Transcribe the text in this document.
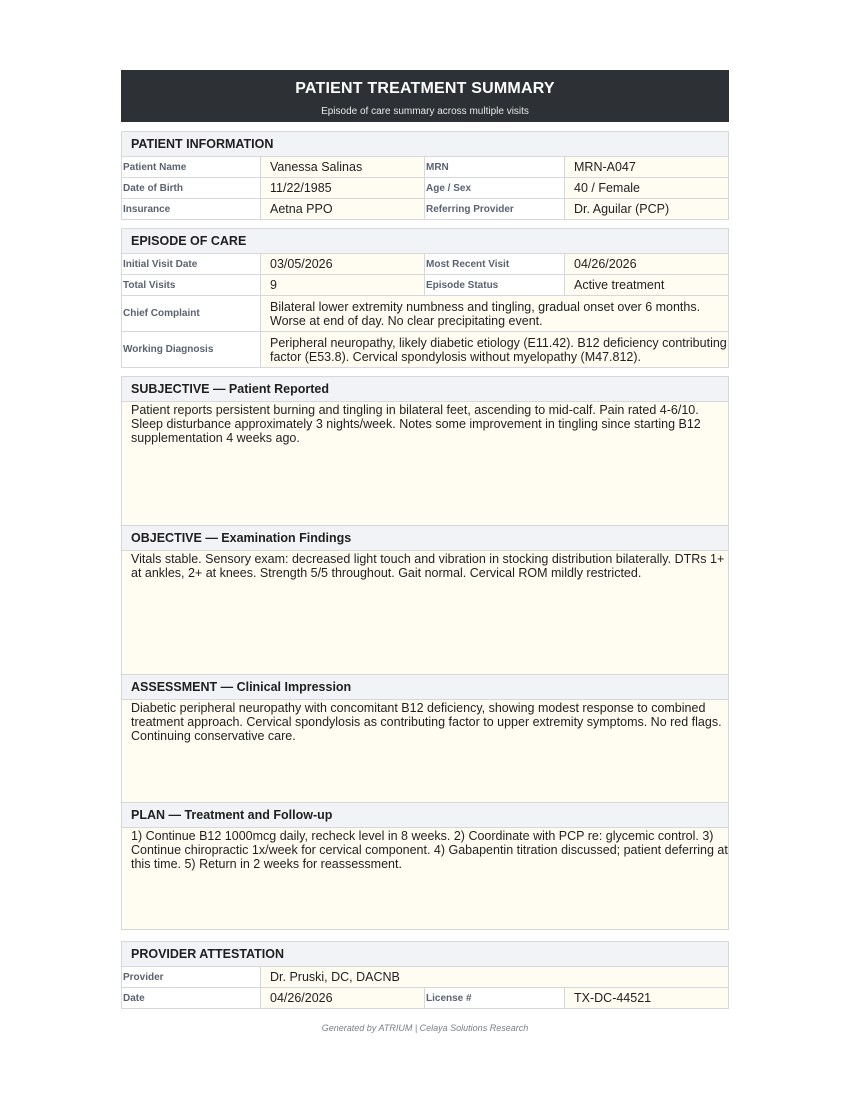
PATIENT TREATMENT SUMMARY
Episode of care summary across multiple visits
PATIENT INFORMATION
Patient Name	Vanessa Salinas	MRN	MRN-A047
Date of Birth	11/22/1985	Age / Sex	40 / Female
Insurance	Aetna PPO	Referring Provider	Dr. Aguilar (PCP)
EPISODE OF CARE
Initial Visit Date	03/05/2026	Most Recent Visit	04/26/2026
Total Visits	9	Episode Status	Active treatment
Chief Complaint	Bilateral lower extremity numbness and tingling, gradual onset over 6 months. Worse at end of day. No clear precipitating event.
Working Diagnosis	Peripheral neuropathy, likely diabetic etiology (E11.42). B12 deficiency contributing factor (E53.8). Cervical spondylosis without myelopathy (M47.812).
SUBJECTIVE — Patient Reported
Patient reports persistent burning and tingling in bilateral feet, ascending to mid-calf. Pain rated 4-6/10. Sleep disturbance approximately 3 nights/week. Notes some improvement in tingling since starting B12 supplementation 4 weeks ago.
OBJECTIVE — Examination Findings
Vitals stable. Sensory exam: decreased light touch and vibration in stocking distribution bilaterally. DTRs 1+ at ankles, 2+ at knees. Strength 5/5 throughout. Gait normal. Cervical ROM mildly restricted.
ASSESSMENT — Clinical Impression
Diabetic peripheral neuropathy with concomitant B12 deficiency, showing modest response to combined treatment approach. Cervical spondylosis as contributing factor to upper extremity symptoms. No red flags. Continuing conservative care.
PLAN — Treatment and Follow-up
1) Continue B12 1000mcg daily, recheck level in 8 weeks. 2) Coordinate with PCP re: glycemic control. 3) Continue chiropractic 1x/week for cervical component. 4) Gabapentin titration discussed; patient deferring at this time. 5) Return in 2 weeks for reassessment.
PROVIDER ATTESTATION
Provider	Dr. Pruski, DC, DACNB
Date	04/26/2026	License #	TX-DC-44521
Generated by ATRIUM | Celaya Solutions Research
